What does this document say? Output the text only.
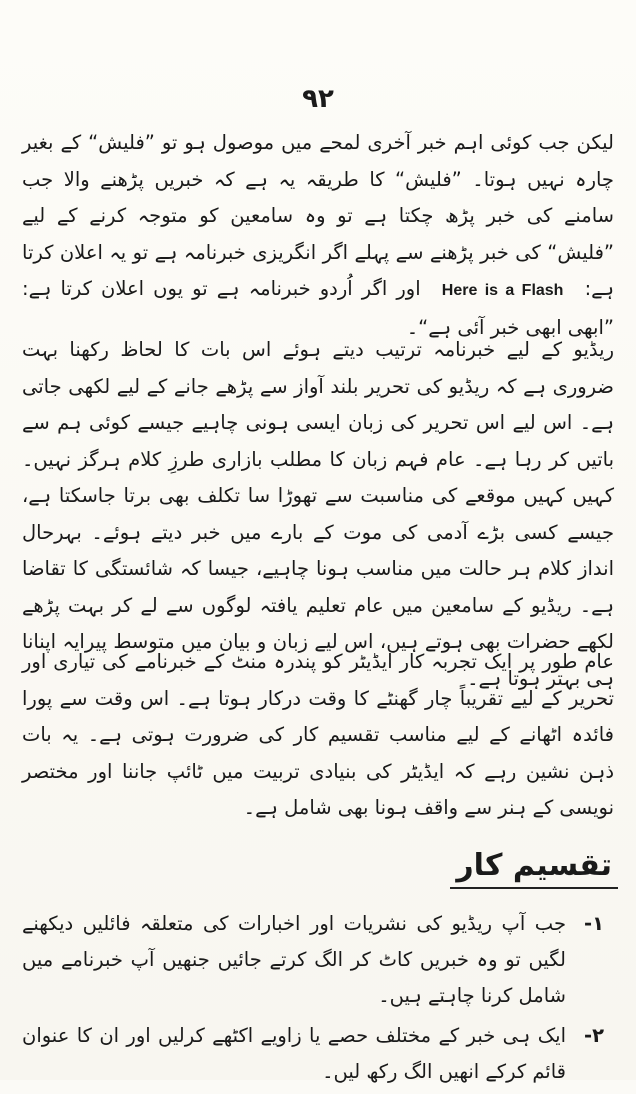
۹۲
لیکن جب کوئی اہم خبر آخری لمحے میں موصول ہو تو ”فلیش“ کے بغیر چارہ نہیں ہوتا۔ ”فلیش“ کا طریقہ یہ ہے کہ خبریں پڑھنے والا جب سامنے کی خبر پڑھ چکتا ہے تو وہ سامعین کو متوجہ کرنے کے لیے ”فلیش“ کی خبر پڑھنے سے پہلے اگر انگریزی خبرنامہ ہے تو یہ اعلان کرتا ہے: Here is a Flash اور اگر اُردو خبرنامہ ہے تو یوں اعلان کرتا ہے: ”ابھی ابھی خبر آئی ہے“۔
ریڈیو کے لیے خبرنامہ ترتیب دیتے ہوئے اس بات کا لحاظ رکھنا بہت ضروری ہے کہ ریڈیو کی تحریر بلند آواز سے پڑھے جانے کے لیے لکھی جاتی ہے۔ اس لیے اس تحریر کی زبان ایسی ہونی چاہیے جیسے کوئی ہم سے باتیں کر رہا ہے۔ عام فہم زبان کا مطلب بازاری طرزِ کلام ہرگز نہیں۔ کہیں کہیں موقعے کی مناسبت سے تھوڑا سا تکلف بھی برتا جاسکتا ہے، جیسے کسی بڑے آدمی کی موت کے بارے میں خبر دیتے ہوئے۔ بہرحال انداز کلام ہر حالت میں مناسب ہونا چاہیے، جیسا کہ شائستگی کا تقاضا ہے۔ ریڈیو کے سامعین میں عام تعلیم یافتہ لوگوں سے لے کر بہت پڑھے لکھے حضرات بھی ہوتے ہیں، اس لیے زبان و بیان میں متوسط پیرایہ اپنانا ہی بہتر ہوتا ہے۔
عام طور پر ایک تجربہ کار ایڈیٹر کو پندرہ منٹ کے خبرنامے کی تیاری اور تحریر کے لیے تقریباً چار گھنٹے کا وقت درکار ہوتا ہے۔ اس وقت سے پورا فائدہ اٹھانے کے لیے مناسب تقسیم کار کی ضرورت ہوتی ہے۔ یہ بات ذہن نشین رہے کہ ایڈیٹر کی بنیادی تربیت میں ٹائپ جاننا اور مختصر نویسی کے ہنر سے واقف ہونا بھی شامل ہے۔
تقسیم کار
۱-
جب آپ ریڈیو کی نشریات اور اخبارات کی متعلقہ فائلیں دیکھنے لگیں تو وہ خبریں کاٹ کر الگ کرتے جائیں جنھیں آپ خبرنامے میں شامل کرنا چاہتے ہیں۔
۲-
ایک ہی خبر کے مختلف حصے یا زاویے اکٹھے کرلیں اور ان کا عنوان قائم کرکے انھیں الگ رکھ لیں۔
